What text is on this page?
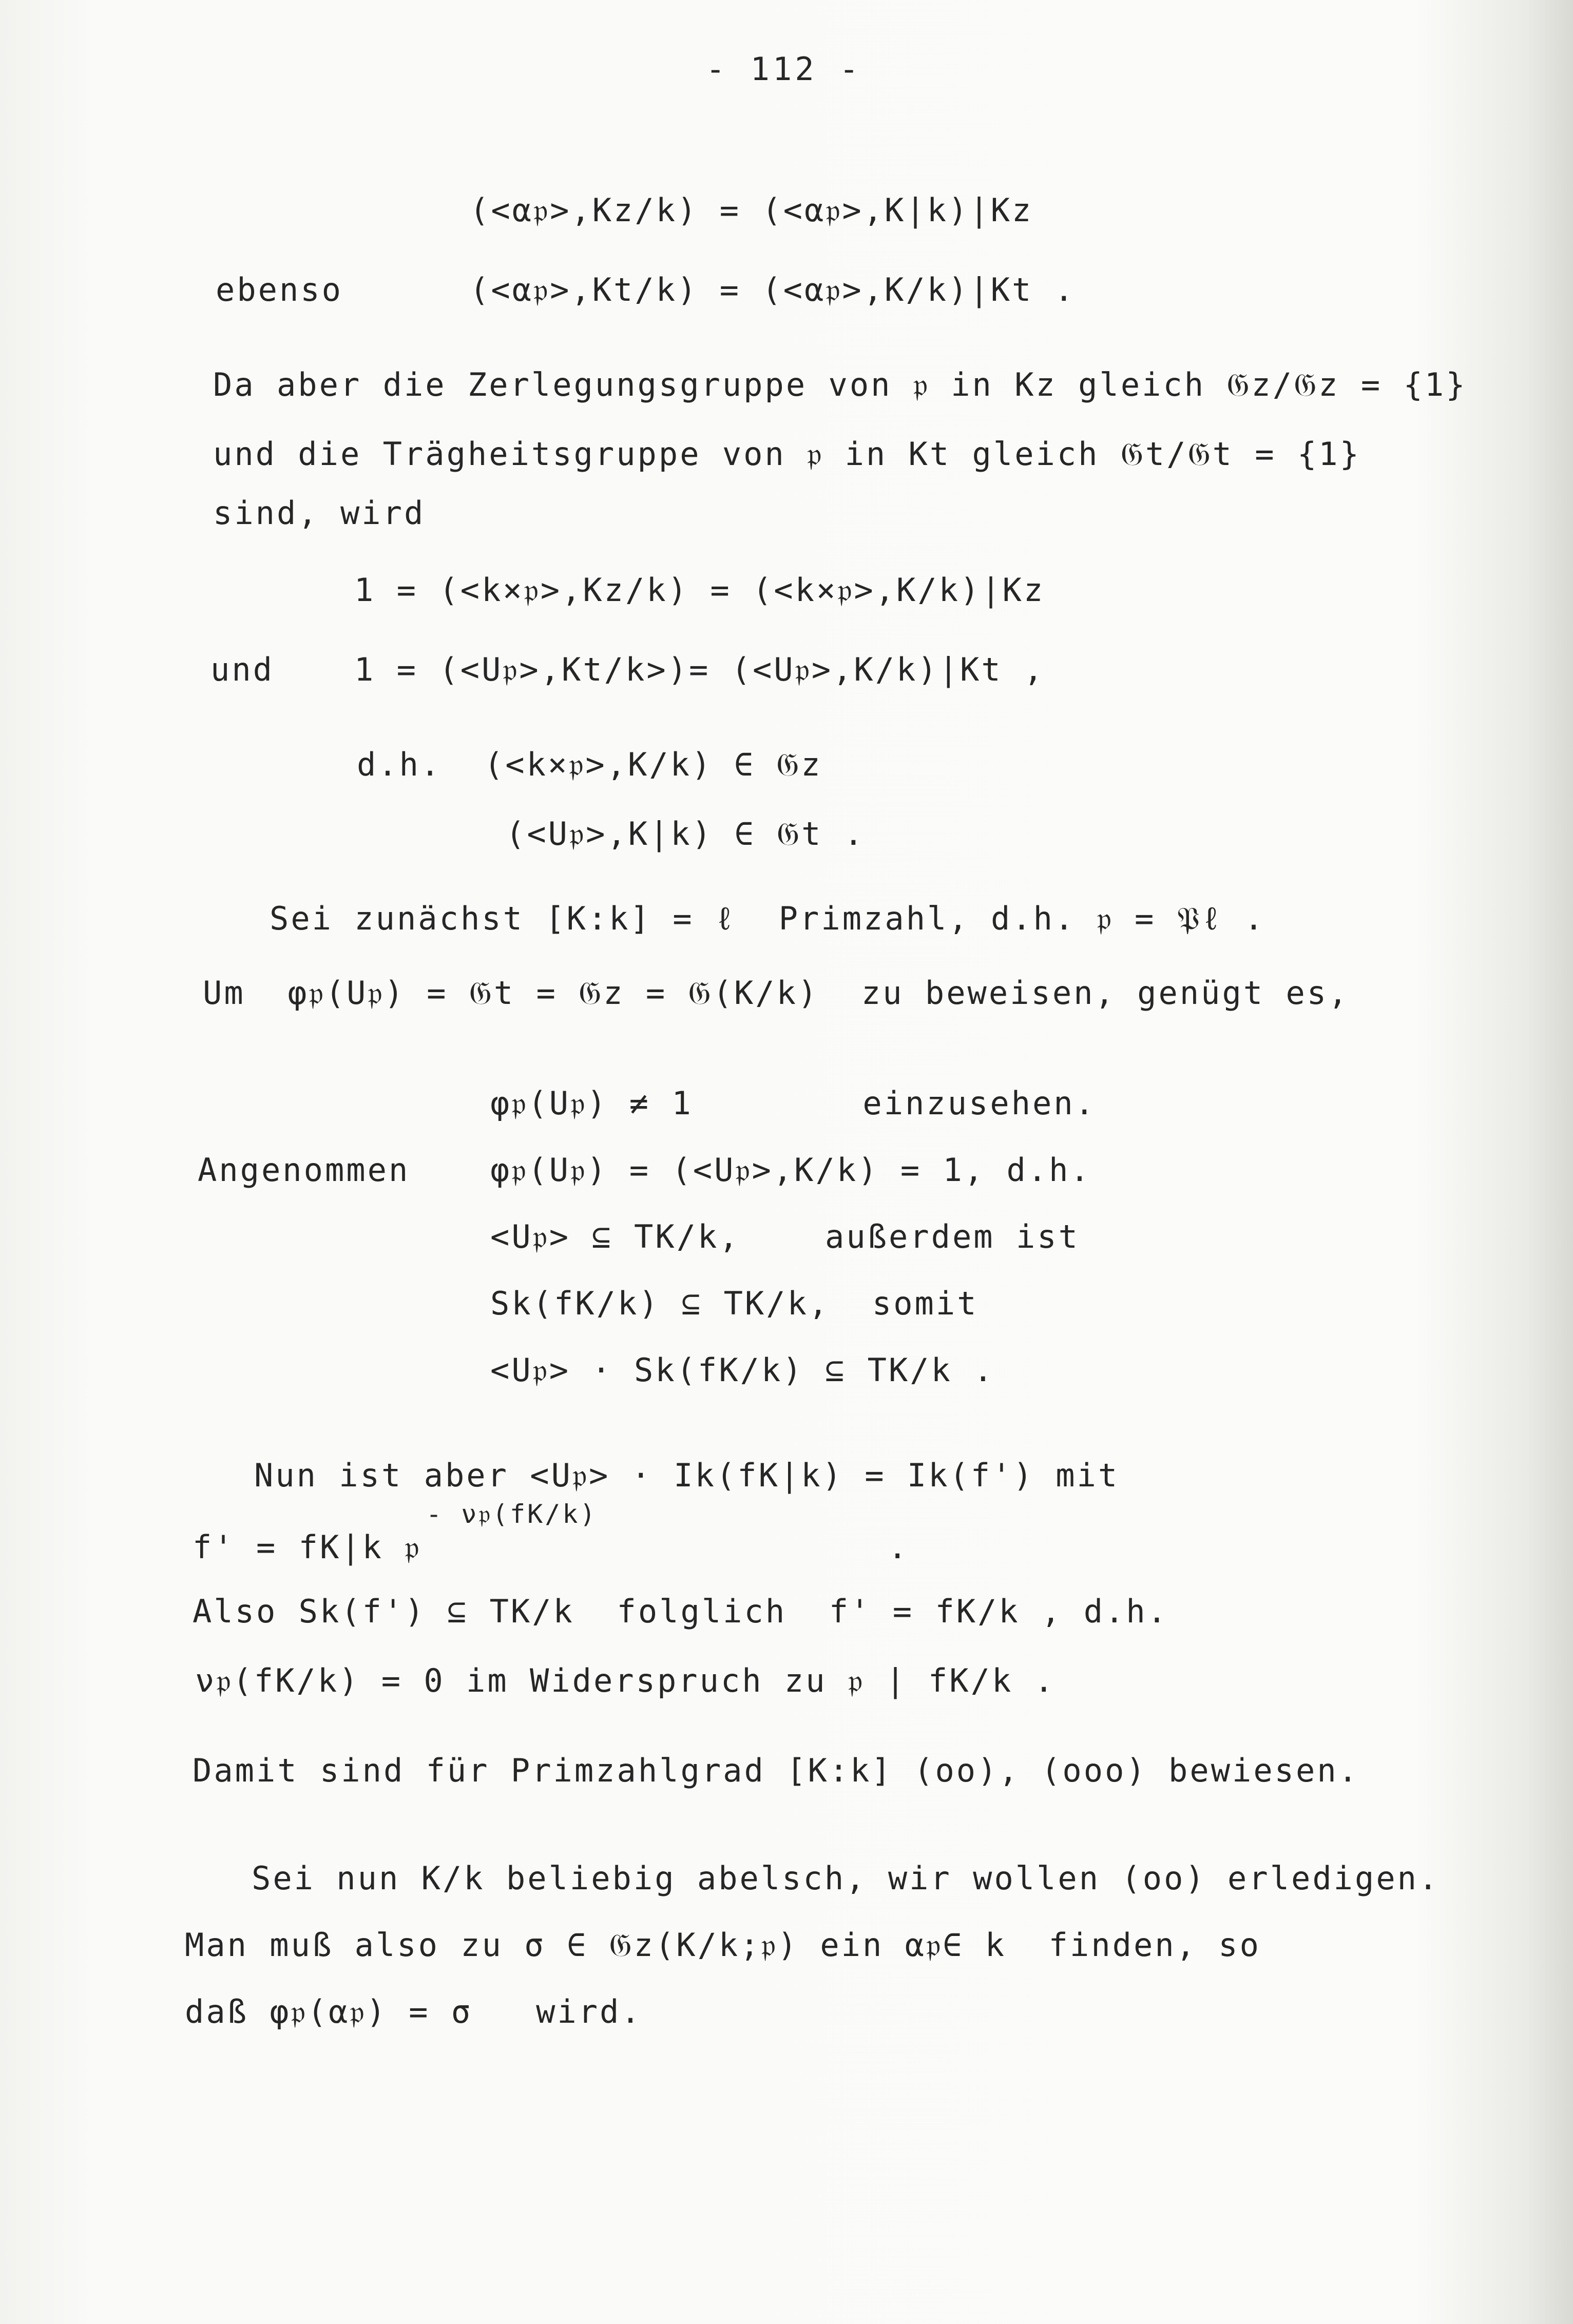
- 112 -
(<α𝔭>,Kz/k) = (<α𝔭>,K|k)|Kz
ebenso	(<α𝔭>,Kt/k) = (<α𝔭>,K/k)|Kt .
Da aber die Zerlegungsgruppe von 𝔭 in Kz gleich 𝔊z/𝔊z = {1}
und die Trägheitsgruppe von 𝔭 in Kt gleich 𝔊t/𝔊t = {1}
sind, wird
1 = (<k×𝔭>,Kz/k) = (<k×𝔭>,K/k)|Kz
und	1 = (<U𝔭>,Kt/k>)= (<U𝔭>,K/k)|Kt ,
d.h.  (<k×𝔭>,K/k) ∈ 𝔊z
(<U𝔭>,K|k) ∈ 𝔊t .
Sei zunächst [K:k] = ℓ  Primzahl, d.h. 𝔭 = 𝔓ℓ .
Um  φ𝔭(U𝔭) = 𝔊t = 𝔊z = 𝔊(K/k)  zu beweisen, genügt es,
φ𝔭(U𝔭) ≠ 1        einzusehen.
Angenommen	φ𝔭(U𝔭) = (<U𝔭>,K/k) = 1, d.h.
<U𝔭> ⊆ TK/k,    außerdem ist
Sk(fK/k) ⊆ TK/k,  somit
<U𝔭> · Sk(fK/k) ⊆ TK/k .
Nun ist aber <U𝔭> · Ik(fK|k) = Ik(f') mit
- ν𝔭(fK/k)
f' = fK|k 𝔭                      .
Also Sk(f') ⊆ TK/k  folglich  f' = fK/k , d.h.
ν𝔭(fK/k) = 0 im Widerspruch zu 𝔭 | fK/k .
Damit sind für Primzahlgrad [K:k] (oo), (ooo) bewiesen.
Sei nun K/k beliebig abelsch, wir wollen (oo) erledigen.
Man muß also zu σ ∈ 𝔊z(K/k;𝔭) ein α𝔭∈ k  finden, so
daß φ𝔭(α𝔭) = σ   wird.
